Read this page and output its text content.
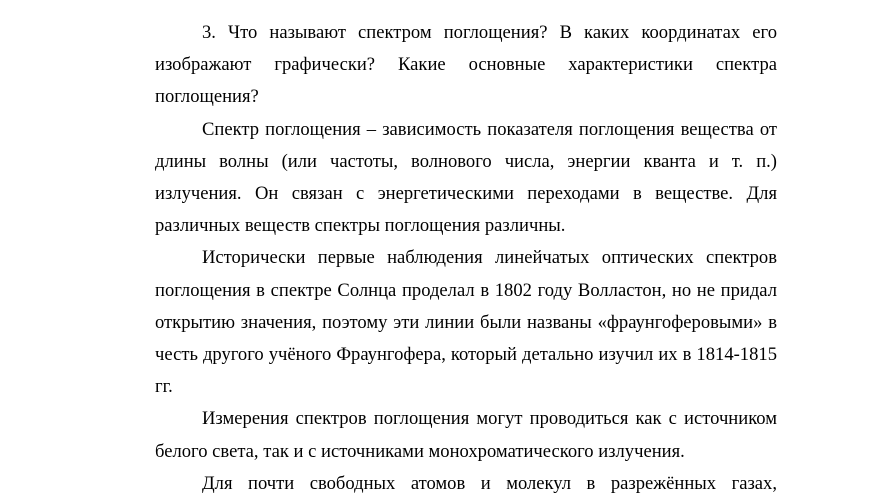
3. Что называют спектром поглощения? В каких координатах его изображают графически? Какие основные характеристики спектра поглощения?

Спектр поглощения – зависимость показателя поглощения вещества от длины волны (или частоты, волнового числа, энергии кванта и т. п.) излучения. Он связан с энергетическими переходами в веществе. Для различных веществ спектры поглощения различны.

Исторически первые наблюдения линейчатых оптических спектров поглощения в спектре Солнца проделал в 1802 году Волластон, но не придал открытию значения, поэтому эти линии были названы «фраунгоферовыми» в честь другого учёного Фраунгофера, который детально изучил их в 1814-1815 гг.

Измерения спектров поглощения могут проводиться как с источником белого света, так и с источниками монохроматического излучения.

Для почти свободных атомов и молекул в разрежённых газах,
